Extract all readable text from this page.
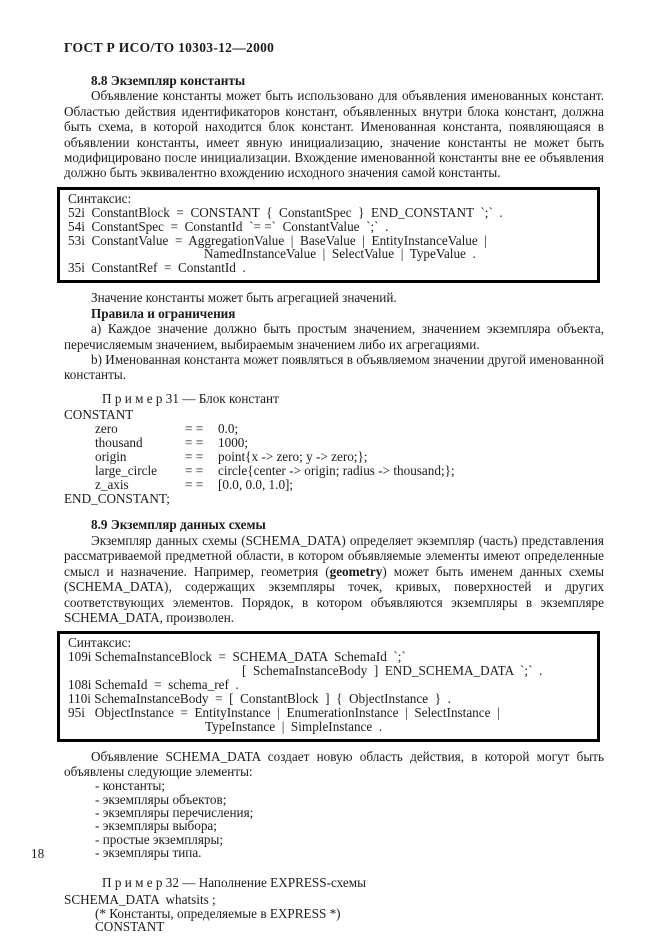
ГОСТ Р ИСО/ТО 10303-12—2000

8.8 Экземпляр константы

Объявление константы может быть использовано для объявления именованных констант. Областью действия идентификаторов констант, объявленных внутри блока констант, должна быть схема, в которой находится блок констант. Именованная константа, появляющаяся в объявлении константы, имеет явную инициализацию, значение константы не может быть модифицировано после инициализации. Вхождение именованной константы вне ее объявления должно быть эквивалентно вхождению исходного значения самой константы.

Синтаксис:

52i  ConstantBlock  =  CONSTANT  {  ConstantSpec  }  END_CONSTANT  `;`  .

54i  ConstantSpec  =  ConstantId  `= =`  ConstantValue  `;`  .

53i  ConstantValue  =  AggregationValue  |  BaseValue  |  EntityInstanceValue  |

NamedInstanceValue  |  SelectValue  |  TypeValue  .

35i  ConstantRef  =  ConstantId  .

Значение константы может быть агрегацией значений.

Правила и ограничения

a) Каждое значение должно быть простым значением, значением экземпляра объекта, перечисляемым значением, выбираемым значением либо их агрегациями.

b) Именованная константа может появляться в объявляемом значении другой именованной константы.

П р и м е р 31 — Блок констант

CONSTANT

zero	= =	0.0;
thousand	= =	1000;
origin	= =	point{x -> zero; y -> zero;};
large_circle	= =	circle{center -> origin; radius -> thousand;};
z_axis	= =	[0.0, 0.0, 1.0];

END_CONSTANT;

8.9 Экземпляр данных схемы

Экземпляр данных схемы (SCHEMA_DATA) определяет экземпляр (часть) представления рассматриваемой предметной области, в котором объявляемые элементы имеют определенные смысл и назначение. Например, геометрия (geometry) может быть именем данных схемы (SCHEMA_DATA), содержащих экземпляры точек, кривых, поверхностей и других соответствующих элементов. Порядок, в котором объявляются экземпляры в экземпляре SCHEMA_DATA, произволен.

Синтаксис:

109i SchemaInstanceBlock  =  SCHEMA_DATA  SchemaId  `;`

[  SchemaInstanceBody  ]  END_SCHEMA_DATA  `;`  .

108i SchemaId  =  schema_ref  .

110i SchemaInstanceBody  =  [  ConstantBlock  ]  {  ObjectInstance  }  .

95i   ObjectInstance  =  EntityInstance  |  EnumerationInstance  |  SelectInstance  |

TypeInstance  |  SimpleInstance  .

Объявление SCHEMA_DATA создает новую область действия, в которой могут быть объявлены следующие элементы:

- константы;

- экземпляры объектов;

- экземпляры перечисления;

- экземпляры выбора;

- простые экземпляры;

- экземпляры типа.

П р и м е р 32 — Наполнение EXPRESS-схемы

SCHEMA_DATA  whatsits ;

(* Константы, определяемые в EXPRESS *)

CONSTANT

18
